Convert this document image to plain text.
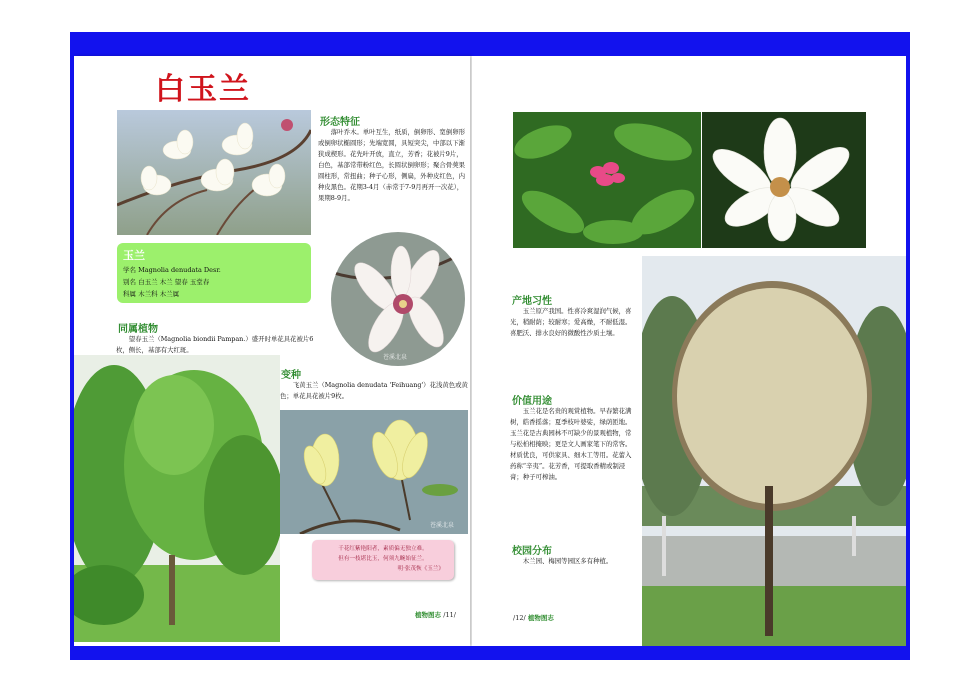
白玉兰
形态特征
落叶乔木。单叶互生，纸质，倒卵形、宽倒卵形或倒卵状椭圆形；先端宽圆，具短突尖，中部以下渐狭成楔形。花先叶开放，直立，芳香；花被片9片，白色，基部常带粉红色，长圆状倒卵形；聚合骨葖果圆柱形，常扭曲；种子心形，侧扁，外种皮红色，内种皮黑色。花期3-4月（赤常于7-9月再开一次花），果期8-9月。
玉兰
学名 Magnolia denudata Desr.
别名 白玉兰 木兰 望春 玉堂春
科属 木兰科 木兰属
苍溪北泉
同属植物
望春玉兰（Magnolia biondii Pampan.）盛开时单花具花被片6枚，侧长，基部有大红斑。
变种
飞黄玉兰（Magnolia denudata 'Feihuang'）花浅黄色或黄色；单花具花被片9枚。
苍溪北泉
千花红紫艳阳者，素质偏无独立难。
但有一枝堪比玉，何须九畹始征兰。
明·张茂恢《玉兰》
植物图志 /11/
产地习性
玉兰原产我国。性喜冷爽湿润气候，喜光，稍耐荫；较耐寒；爱高燥，不耐低湿。喜肥沃、排水良好的微酸性沙质土壤。
价值用途
玉兰花是名贵的观赏植物。早春繁花满树，皓香摇落；夏季枝叶婆娑，绿荫匝地。玉兰花是古典园林不可缺少的景观植物，常与松柏相掩映；更是文人画家笔下的常客。材质优良，可供家具、细木工等用。花蕾入药称“辛夷”。花芳香，可提取香精或制浸膏；种子可榨油。
校园分布
木兰园、梅园等园区多有种植。
/12/ 植物图志
